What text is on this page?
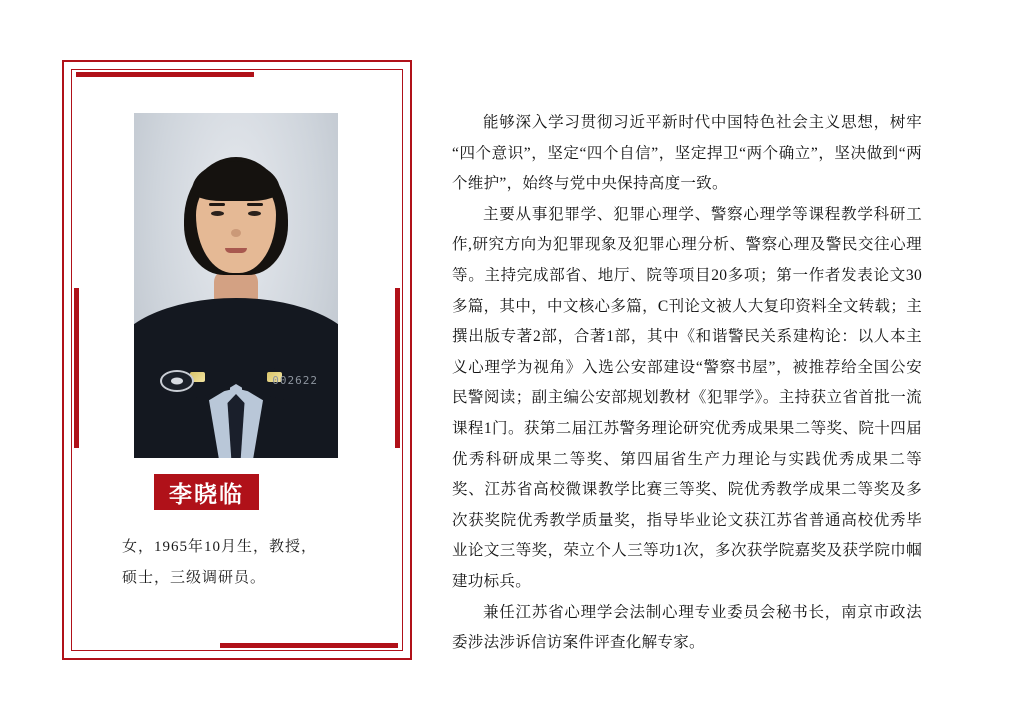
002622
李晓临
女，1965年10月生，教授，
硕士，三级调研员。

能够深入学习贯彻习近平新时代中国特色社会主义思想，树牢“四个意识”，坚定“四个自信”，坚定捍卫“两个确立”，坚决做到“两个维护”，始终与党中央保持高度一致。

主要从事犯罪学、犯罪心理学、警察心理学等课程教学科研工作,研究方向为犯罪现象及犯罪心理分析、警察心理及警民交往心理等。主持完成部省、地厅、院等项目20多项；第一作者发表论文30多篇，其中，中文核心多篇，C刊论文被人大复印资料全文转载；主撰出版专著2部，合著1部，其中《和谐警民关系建构论：以人本主义心理学为视角》入选公安部建设“警察书屋”，被推荐给全国公安民警阅读；副主编公安部规划教材《犯罪学》。主持获立省首批一流课程1门。获第二届江苏警务理论研究优秀成果果二等奖、院十四届优秀科研成果二等奖、第四届省生产力理论与实践优秀成果二等奖、江苏省高校微课教学比赛三等奖、院优秀教学成果二等奖及多次获奖院优秀教学质量奖，指导毕业论文获江苏省普通高校优秀毕业论文三等奖，荣立个人三等功1次，多次获学院嘉奖及获学院巾帼建功标兵。

兼任江苏省心理学会法制心理专业委员会秘书长，南京市政法委涉法涉诉信访案件评查化解专家。
